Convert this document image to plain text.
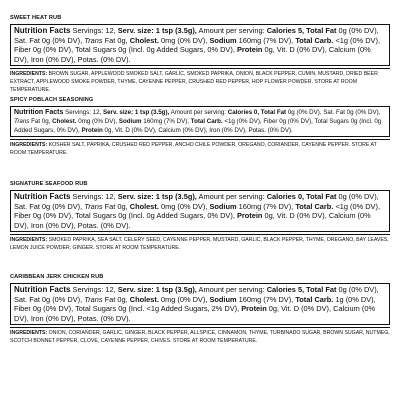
SWEET HEAT RUB
Nutrition Facts Servings: 12, Serv. size: 1 tsp (3.5g), Amount per serving: Calories 5, Total Fat 0g (0% DV), Sat. Fat 0g (0% DV), Trans Fat 0g, Cholest. 0mg (0% DV), Sodium 160mg (7% DV), Total Carb. <1g (0% DV), Fiber 0g (0% DV), Total Sugars 0g (Incl. 0g Added Sugars, 0% DV), Protein 0g, Vit. D (0% DV), Calcium (0% DV), Iron (0% DV), Potas. (0% DV).
INGREDIENTS: BROWN SUGAR, APPLEWOOD SMOKED SALT, GARLIC, SMOKED PAPRIKA, ONION, BLACK PEPPER, CUMIN, MUSTARD, DRIED BEER EXTRACT, APPLEWOOD SMOKE POWDER, THYME, CAYENNE PEPPER, CRUSHED RED PEPPER, HOP FLOWER POWDER. STORE AT ROOM TEMPERATURE.
SPICY POBLACH SEASONING
Nutrition Facts Servings: 12, Serv. size: 1 tsp (3.5g), Amount per serving: Calories 0, Total Fat 0g (0% DV), Sat. Fat 0g (0% DV), Trans Fat 0g, Cholest. 0mg (0% DV), Sodium 160mg (7% DV), Total Carb. <1g (0% DV), Fiber 0g (0% DV), Total Sugars 0g (Incl. 0g Added Sugars, 0% DV), Protein 0g, Vit. D (0% DV), Calcium (0% DV), Iron (0% DV), Potas. (0% DV).
INGREDIENTS: KOSHER SALT, PAPRIKA, CRUSHED RED PEPPER, ANCHO CHILE POWDER, OREGANO, CORIANDER, CAYENNE PEPPER. STORE AT ROOM TEMPERATURE.
SIGNATURE SEAFOOD RUB
Nutrition Facts Servings: 12, Serv. size: 1 tsp (3.5g), Amount per serving: Calories 0, Total Fat 0g (0% DV), Sat. Fat 0g (0% DV), Trans Fat 0g, Cholest. 0mg (0% DV), Sodium 160mg (7% DV), Total Carb. <1g (0% DV), Fiber 0g (0% DV), Total Sugars 0g (Incl. 0g Added Sugars, 0% DV), Protein 0g, Vit. D (0% DV), Calcium (0% DV), Iron (0% DV), Potas. (0% DV).
INGREDIENTS: SMOKED PAPRIKA, SEA SALT, CELERY SEED, CAYENNE PEPPER, MUSTARD, GARLIC, BLACK PEPPER, THYME, OREGANO, BAY LEAVES, LEMON JUICE POWDER, GINGER. STORE AT ROOM TEMPERATURE.
CARIBBEAN JERK CHICKEN RUB
Nutrition Facts Servings: 12, Serv. size: 1 tsp (3.5g), Amount per serving: Calories 5, Total Fat 0g (0% DV), Sat. Fat 0g (0% DV), Trans Fat 0g, Cholest. 0mg (0% DV), Sodium 160mg (7% DV), Total Carb. 1g (0% DV), Fiber 0g (0% DV), Total Sugars 0g (Incl. <1g Added Sugars, 2% DV), Protein 0g, Vit. D (0% DV), Calcium (0% DV), Iron (0% DV), Potas. (0% DV).
INGREDIENTS: ONION, CORIANDER, GARLIC, GINGER, BLACK PEPPER, ALLSPICE, CINNAMON, THYME, TURBINADO SUGAR, BROWN SUGAR, NUTMEG, SCOTCH BONNET PEPPER, CLOVE, CAYENNE PEPPER, CHIVES. STORE AT ROOM TEMPERATURE.
